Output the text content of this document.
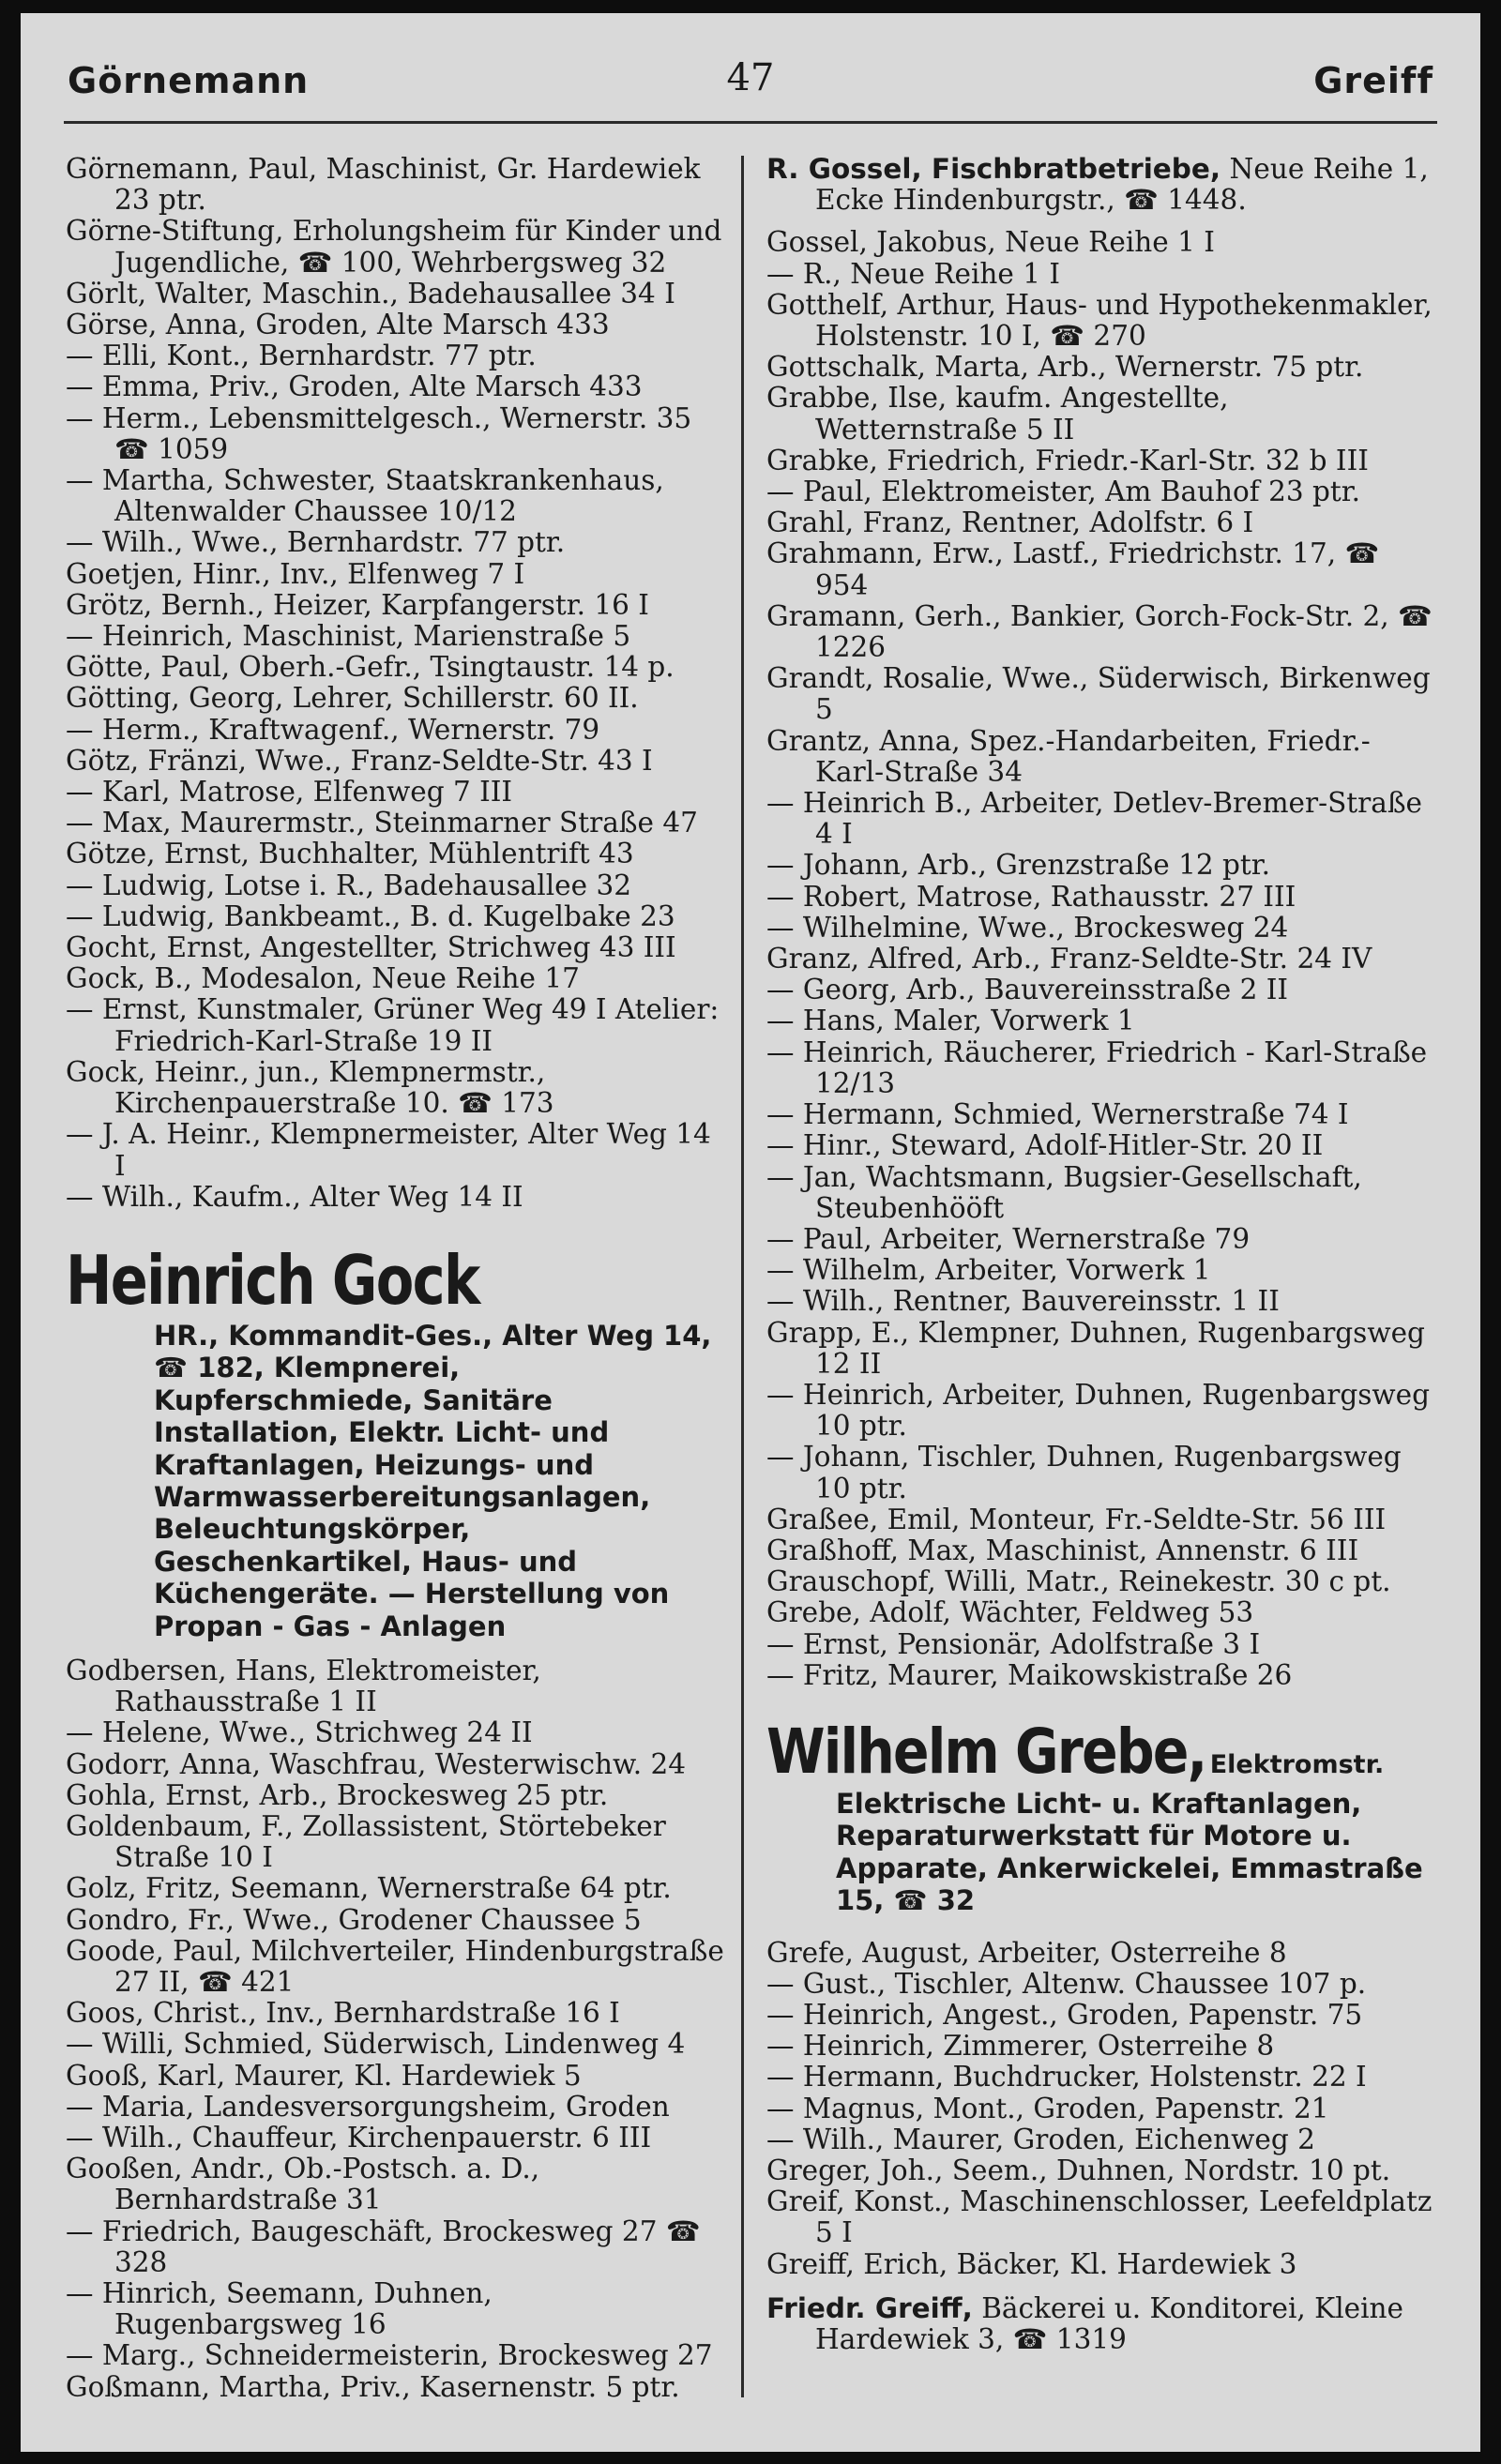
Görnemann	47	Greiff
Görnemann, Paul, Maschinist, Gr. Hardewiek 23 ptr.
Görne-Stiftung, Erholungsheim für Kinder und Jugendliche, ☎ 100, Wehrbergsweg 32
Görlt, Walter, Maschin., Badehausallee 34 I
Görse, Anna, Groden, Alte Marsch 433
— Elli, Kont., Bernhardstr. 77 ptr.
— Emma, Priv., Groden, Alte Marsch 433
— Herm., Lebensmittelgesch., Wernerstr. 35 ☎ 1059
— Martha, Schwester, Staatskrankenhaus, Altenwalder Chaussee 10/12
— Wilh., Wwe., Bernhardstr. 77 ptr.
Goetjen, Hinr., Inv., Elfenweg 7 I
Grötz, Bernh., Heizer, Karpfangerstr. 16 I
— Heinrich, Maschinist, Marienstraße 5
Götte, Paul, Oberh.-Gefr., Tsingtaustr. 14 p.
Götting, Georg, Lehrer, Schillerstr. 60 II.
— Herm., Kraftwagenf., Wernerstr. 79
Götz, Fränzi, Wwe., Franz-Seldte-Str. 43 I
— Karl, Matrose, Elfenweg 7 III
— Max, Maurermstr., Steinmarner Straße 47
Götze, Ernst, Buchhalter, Mühlentrift 43
— Ludwig, Lotse i. R., Badehausallee 32
— Ludwig, Bankbeamt., B. d. Kugelbake 23
Gocht, Ernst, Angestellter, Strichweg 43 III
Gock, B., Modesalon, Neue Reihe 17
— Ernst, Kunstmaler, Grüner Weg 49 I Atelier: Friedrich-Karl-Straße 19 II
Gock, Heinr., jun., Klempnermstr., Kirchenpauerstraße 10. ☎ 173
— J. A. Heinr., Klempnermeister, Alter Weg 14 I
— Wilh., Kaufm., Alter Weg 14 II
Heinrich Gock
HR., Kommandit-Ges., Alter Weg 14, ☎ 182, Klempnerei, Kupferschmiede, Sanitäre Installation, Elektr. Licht- und Kraftanlagen, Heizungs- und Warmwasserbereitungsanlagen, Beleuchtungskörper, Geschenkartikel, Haus- und Küchengeräte. — Herstellung von Propan - Gas - Anlagen
Godbersen, Hans, Elektromeister, Rathausstraße 1 II
— Helene, Wwe., Strichweg 24 II
Godorr, Anna, Waschfrau, Westerwischw. 24
Gohla, Ernst, Arb., Brockesweg 25 ptr.
Goldenbaum, F., Zollassistent, Störtebeker Straße 10 I
Golz, Fritz, Seemann, Wernerstraße 64 ptr.
Gondro, Fr., Wwe., Grodener Chaussee 5
Goode, Paul, Milchverteiler, Hindenburgstraße 27 II, ☎ 421
Goos, Christ., Inv., Bernhardstraße 16 I
— Willi, Schmied, Süderwisch, Lindenweg 4
Gooß, Karl, Maurer, Kl. Hardewiek 5
— Maria, Landesversorgungsheim, Groden
— Wilh., Chauffeur, Kirchenpauerstr. 6 III
Gooßen, Andr., Ob.-Postsch. a. D., Bernhardstraße 31
— Friedrich, Baugeschäft, Brockesweg 27 ☎ 328
— Hinrich, Seemann, Duhnen, Rugenbargsweg 16
— Marg., Schneidermeisterin, Brockesweg 27
Goßmann, Martha, Priv., Kasernenstr. 5 ptr.
R. Gossel, Fischbratbetriebe, Neue Reihe 1, Ecke Hindenburgstr., ☎ 1448.
Gossel, Jakobus, Neue Reihe 1 I
— R., Neue Reihe 1 I
Gotthelf, Arthur, Haus- und Hypothekenmakler, Holstenstr. 10 I, ☎ 270
Gottschalk, Marta, Arb., Wernerstr. 75 ptr.
Grabbe, Ilse, kaufm. Angestellte, Wetternstraße 5 II
Grabke, Friedrich, Friedr.-Karl-Str. 32 b III
— Paul, Elektromeister, Am Bauhof 23 ptr.
Grahl, Franz, Rentner, Adolfstr. 6 I
Grahmann, Erw., Lastf., Friedrichstr. 17, ☎ 954
Gramann, Gerh., Bankier, Gorch-Fock-Str. 2, ☎ 1226
Grandt, Rosalie, Wwe., Süderwisch, Birkenweg 5
Grantz, Anna, Spez.-Handarbeiten, Friedr.-Karl-Straße 34
— Heinrich B., Arbeiter, Detlev-Bremer-Straße 4 I
— Johann, Arb., Grenzstraße 12 ptr.
— Robert, Matrose, Rathausstr. 27 III
— Wilhelmine, Wwe., Brockesweg 24
Granz, Alfred, Arb., Franz-Seldte-Str. 24 IV
— Georg, Arb., Bauvereinsstraße 2 II
— Hans, Maler, Vorwerk 1
— Heinrich, Räucherer, Friedrich - Karl-Straße 12/13
— Hermann, Schmied, Wernerstraße 74 I
— Hinr., Steward, Adolf-Hitler-Str. 20 II
— Jan, Wachtsmann, Bugsier-Gesellschaft, Steubenhööft
— Paul, Arbeiter, Wernerstraße 79
— Wilhelm, Arbeiter, Vorwerk 1
— Wilh., Rentner, Bauvereinsstr. 1 II
Grapp, E., Klempner, Duhnen, Rugenbargsweg 12 II
— Heinrich, Arbeiter, Duhnen, Rugenbargsweg 10 ptr.
— Johann, Tischler, Duhnen, Rugenbargsweg 10 ptr.
Graßee, Emil, Monteur, Fr.-Seldte-Str. 56 III
Graßhoff, Max, Maschinist, Annenstr. 6 III
Grauschopf, Willi, Matr., Reinekestr. 30 c pt.
Grebe, Adolf, Wächter, Feldweg 53
— Ernst, Pensionär, Adolfstraße 3 I
— Fritz, Maurer, Maikowskistraße 26
Wilhelm Grebe, Elektromstr.
Elektrische Licht- u. Kraftanlagen, Reparaturwerkstatt für Motore u. Apparate, Ankerwickelei, Emmastraße 15, ☎ 32
Grefe, August, Arbeiter, Osterreihe 8
— Gust., Tischler, Altenw. Chaussee 107 p.
— Heinrich, Angest., Groden, Papenstr. 75
— Heinrich, Zimmerer, Osterreihe 8
— Hermann, Buchdrucker, Holstenstr. 22 I
— Magnus, Mont., Groden, Papenstr. 21
— Wilh., Maurer, Groden, Eichenweg 2
Greger, Joh., Seem., Duhnen, Nordstr. 10 pt.
Greif, Konst., Maschinenschlosser, Leefeldplatz 5 I
Greiff, Erich, Bäcker, Kl. Hardewiek 3
Friedr. Greiff, Bäckerei u. Konditorei, Kleine Hardewiek 3, ☎ 1319
